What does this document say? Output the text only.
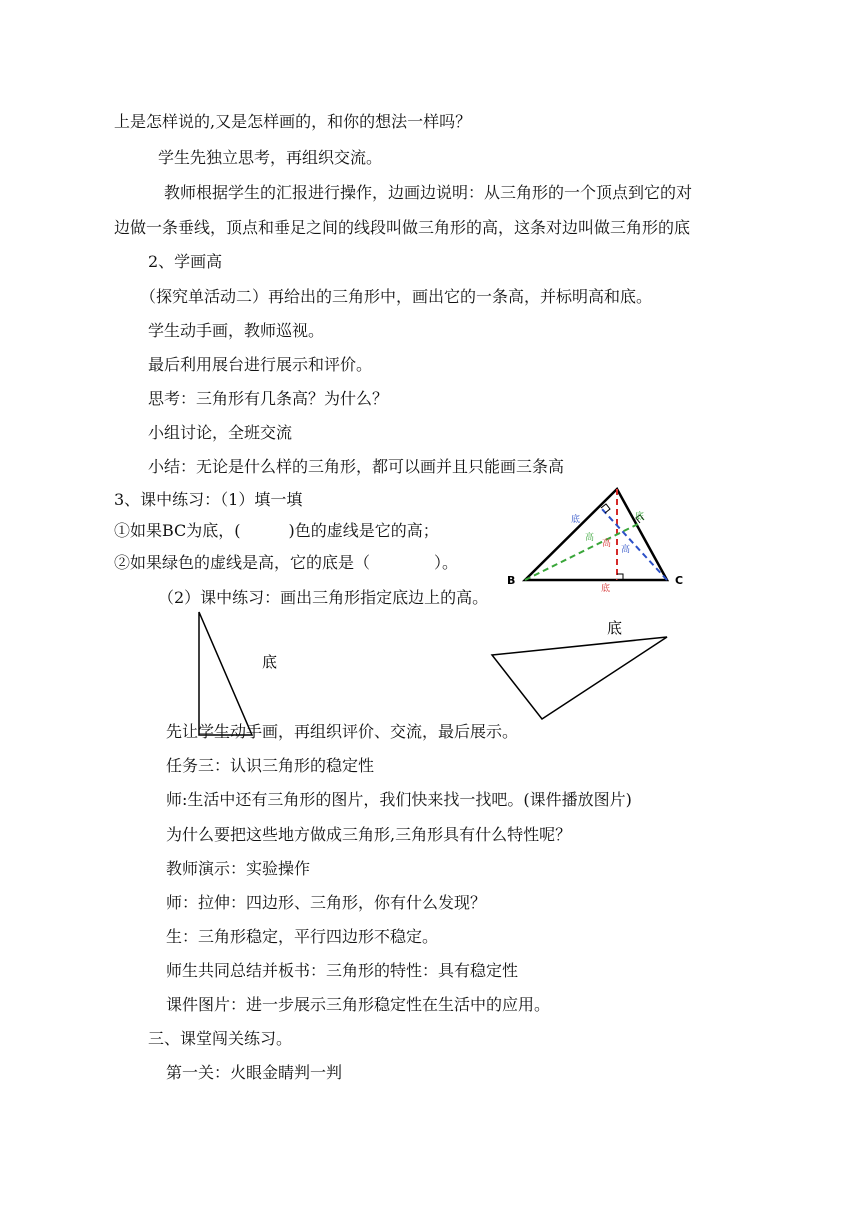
上是怎样说的,又是怎样画的，和你的想法一样吗？
学生先独立思考，再组织交流。
教师根据学生的汇报进行操作，边画边说明：从三角形的一个顶点到它的对
边做一条垂线，顶点和垂足之间的线段叫做三角形的高，这条对边叫做三角形的底
2、学画高
（探究单活动二）再给出的三角形中，画出它的一条高，并标明高和底。
学生动手画，教师巡视。
最后利用展台进行展示和评价。
思考：三角形有几条高？为什么？
小组讨论，全班交流
小结：无论是什么样的三角形，都可以画并且只能画三条高
3、课中练习：（1）填一填
①如果BC为底，(　　　)色的虚线是它的高；
②如果绿色的虚线是高，它的底是（　　　　）。
（2）课中练习：画出三角形指定底边上的高。
B	C
底	底
底
高
高
高
底
底
先让学生动手画，再组织评价、交流，最后展示。
任务三：认识三角形的稳定性
师:生活中还有三角形的图片，我们快来找一找吧。(课件播放图片)
为什么要把这些地方做成三角形,三角形具有什么特性呢？
教师演示：实验操作
师：拉伸：四边形、三角形，你有什么发现？
生：三角形稳定，平行四边形不稳定。
师生共同总结并板书：三角形的特性：具有稳定性
课件图片：进一步展示三角形稳定性在生活中的应用。
三、课堂闯关练习。
第一关：火眼金睛判一判
